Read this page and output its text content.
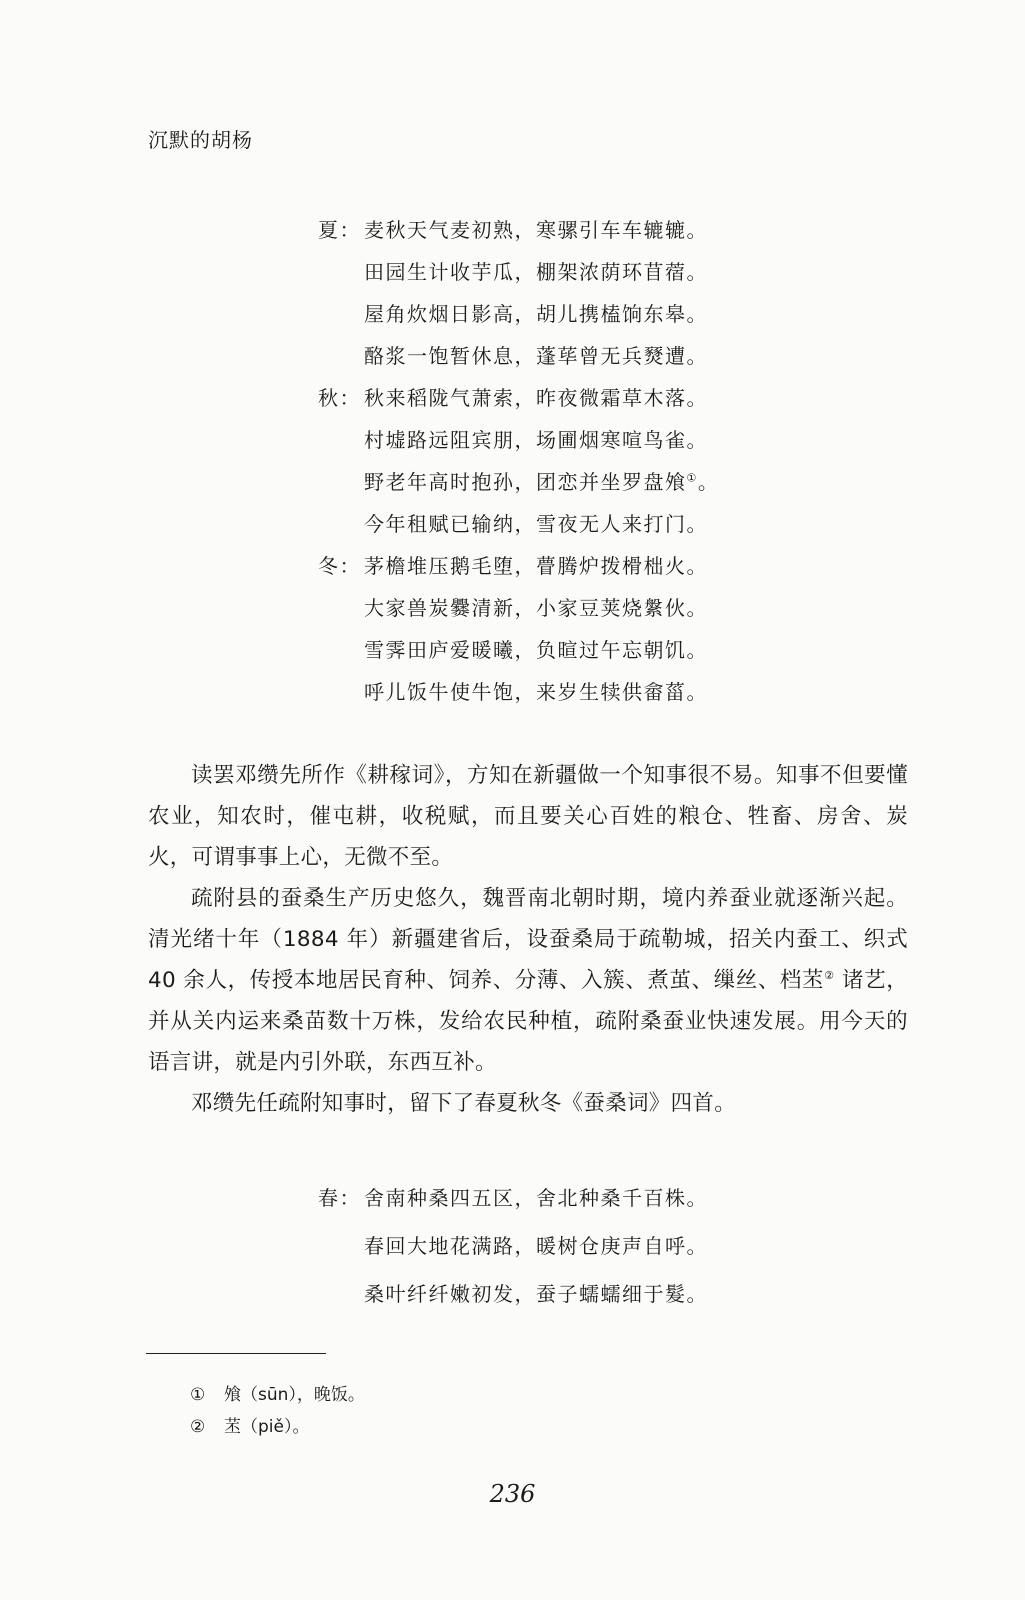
沉默的胡杨
夏： 麦秋天气麦初熟，寒骡引车车辘辘。
田园生计收芋瓜，棚架浓荫环苜蓿。
屋角炊烟日影高，胡儿携榼饷东皋。
酪浆一饱暂休息，蓬荜曾无兵燹遭。
秋： 秋来稻陇气萧索，昨夜微霜草木落。
村墟路远阻宾朋，场圃烟寒喧鸟雀。
野老年高时抱孙，团恋并坐罗盘飧①。
今年租赋已输纳，雪夜无人来打门。
冬： 茅檐堆压鹅毛堕，瞢腾炉拨榾柮火。
大家兽炭爨清新，小家豆荚烧縏伙。
雪霁田庐爱暖曦，负暄过午忘朝饥。
呼儿饭牛使牛饱，来岁生犊供畲菑。

读罢邓缵先所作《耕稼词》，方知在新疆做一个知事很不易。知事不但要懂农业，知农时，催屯耕，收税赋，而且要关心百姓的粮仓、牲畜、房舍、炭火，可谓事事上心，无微不至。

疏附县的蚕桑生产历史悠久，魏晋南北朝时期，境内养蚕业就逐渐兴起。清光绪十年（1884 年）新疆建省后，设蚕桑局于疏勒城，招关内蚕工、织式 40 余人，传授本地居民育种、饲养、分薄、入簇、煮茧、缫丝、档苤② 诸艺，并从关内运来桑苗数十万株，发给农民种植，疏附桑蚕业快速发展。用今天的语言讲，就是内引外联，东西互补。

邓缵先任疏附知事时，留下了春夏秋冬《蚕桑词》四首。

春： 舍南种桑四五区，舍北种桑千百株。
春回大地花满路，暖树仓庚声自呼。
桑叶纤纤嫩初发，蚕子蠕蠕细于髮。
① 飧（sūn），晚饭。
② 苤（piě）。
236
